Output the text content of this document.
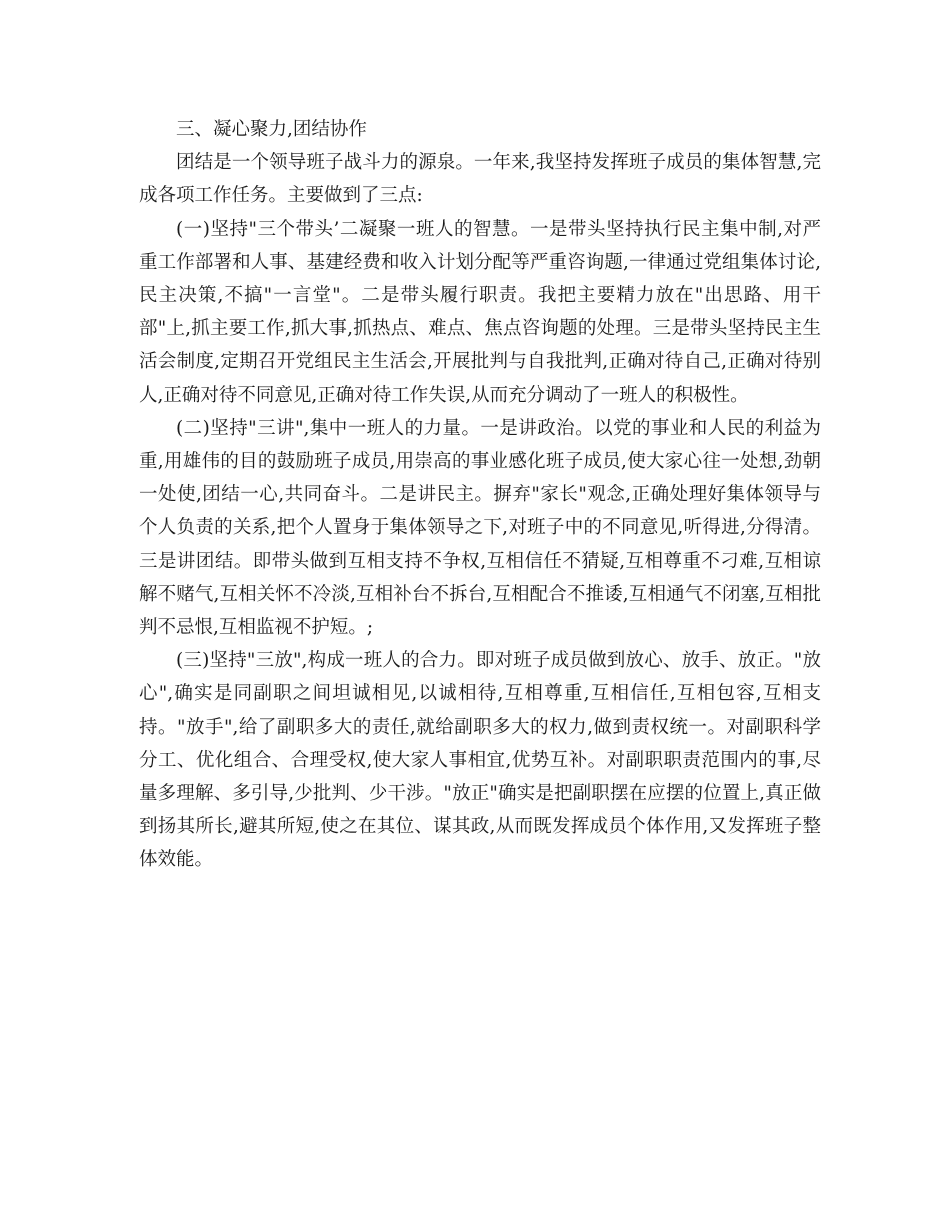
三、凝心聚力,团结协作

团结是一个领导班子战斗力的源泉。一年来,我坚持发挥班子成员的集体智慧,完成各项工作任务。主要做到了三点:

(一)坚持"三个带头’二凝聚一班人的智慧。一是带头坚持执行民主集中制,对严重工作部署和人事、基建经费和收入计划分配等严重咨询题,一律通过党组集体讨论,民主决策,不搞"一言堂"。二是带头履行职责。我把主要精力放在"出思路、用干部"上,抓主要工作,抓大事,抓热点、难点、焦点咨询题的处理。三是带头坚持民主生活会制度,定期召开党组民主生活会,开展批判与自我批判,正确对待自己,正确对待别人,正确对待不同意见,正确对待工作失误,从而充分调动了一班人的积极性。

(二)坚持"三讲",集中一班人的力量。一是讲政治。以党的事业和人民的利益为重,用雄伟的目的鼓励班子成员,用崇高的事业感化班子成员,使大家心往一处想,劲朝一处使,团结一心,共同奋斗。二是讲民主。摒弃"家长"观念,正确处理好集体领导与个人负责的关系,把个人置身于集体领导之下,对班子中的不同意见,听得进,分得清。三是讲团结。即带头做到互相支持不争权,互相信任不猜疑,互相尊重不刁难,互相谅解不赌气,互相关怀不冷淡,互相补台不拆台,互相配合不推诿,互相通气不闭塞,互相批判不忌恨,互相监视不护短。;

(三)坚持"三放",构成一班人的合力。即对班子成员做到放心、放手、放正。"放心",确实是同副职之间坦诚相见,以诚相待,互相尊重,互相信任,互相包容,互相支持。"放手",给了副职多大的责任,就给副职多大的权力,做到责权统一。对副职科学分工、优化组合、合理受权,使大家人事相宜,优势互补。对副职职责范围内的事,尽量多理解、多引导,少批判、少干涉。"放正"确实是把副职摆在应摆的位置上,真正做到扬其所长,避其所短,使之在其位、谋其政,从而既发挥成员个体作用,又发挥班子整体效能。
